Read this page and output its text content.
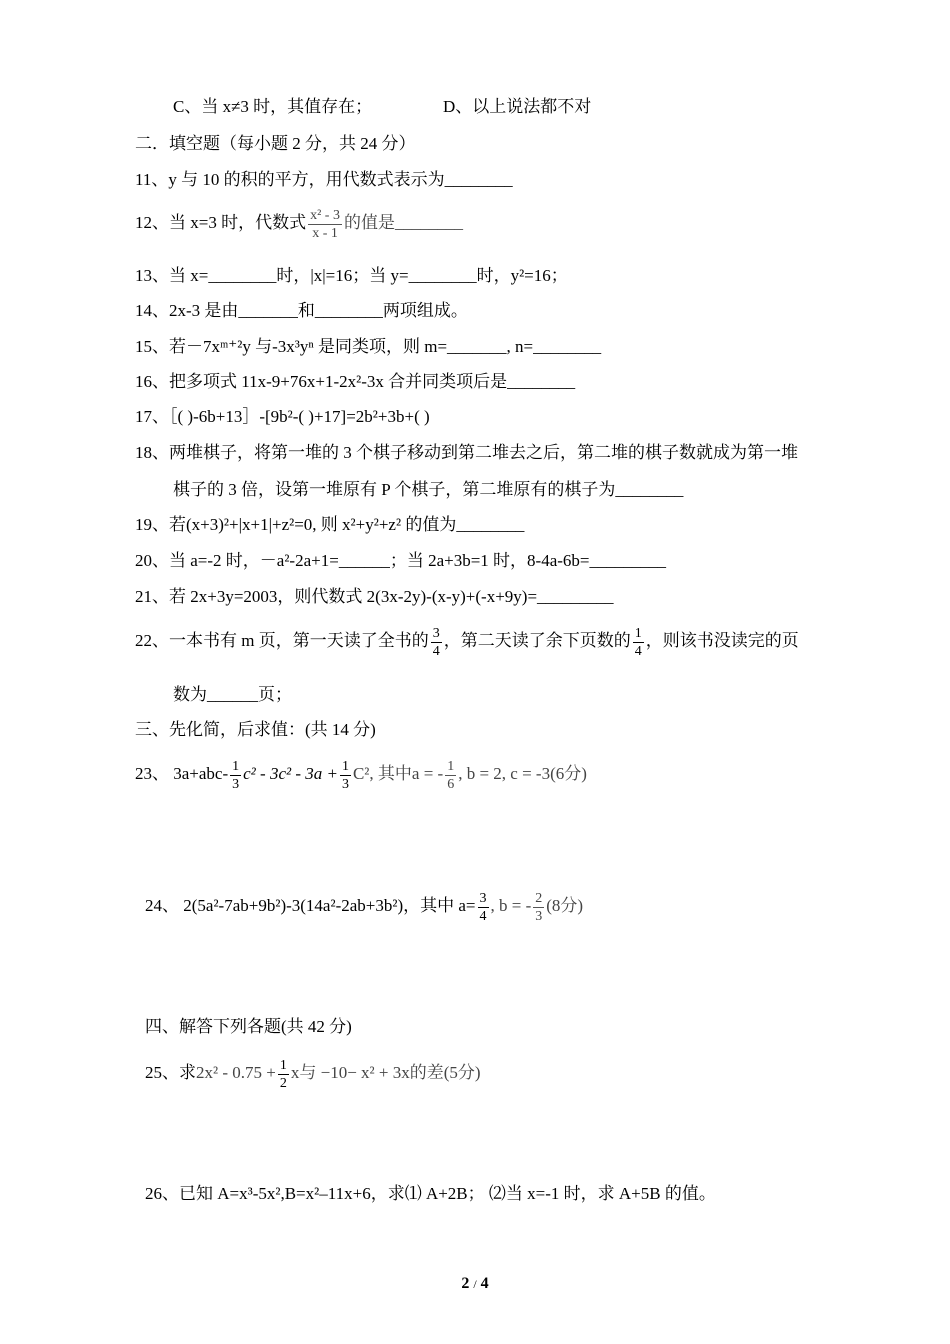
C、当 x≠3 时，其值存在；	D、以上说法都不对
二．填空题（每小题 2 分，共 24 分）
11、y 与 10 的积的平方，用代数式表示为________
12、当 x=3 时，代数式 $\frac{\text{x² - 3}}{x - 1}$ 的值是________
13、当 x=________时，|x|=16；当 y=________时，y²=16；
14、2x-3 是由_______和________两项组成。
15、若－7xᵐ⁺²y 与-3x³yⁿ 是同类项，则 m=_______, n=________
16、把多项式 11x-9+76x+1-2x²-3x 合并同类项后是________
17、［( )-6b+13］-[9b²-( )+17]=2b²+3b+( )
18、两堆棋子，将第一堆的 3 个棋子移动到第二堆去之后，第二堆的棋子数就成为第一堆
棋子的 3 倍，设第一堆原有 P 个棋子，第二堆原有的棋子为________
19、若(x+3)²+|x+1|+z²=0, 则 x²+y²+z² 的值为________
20、当 a=-2 时，－a²-2a+1=______；当 2a+3b=1 时，8-4a-6b=_________
21、若 2x+3y=2003，则代数式 2(3x-2y)-(x-y)+(-x+9y)=_________
22、一本书有 m 页，第一天读了全书的 $\frac{3}{4}$ ，第二天读了余下页数的 $\frac{1}{4}$ ，则该书没读完的页
数为______页；
三、先化简，后求值：(共 14 分)
23、 $3a+abc- \frac{1}{3} c^2 - 3c^2 - 3a + \frac{1}{3} C^2$, 其中a = - $\frac{1}{6}$ , b = 2, c = -3(6分)
24、 2(5a²-7ab+9b²)-3(14a²-2ab+3b²)，其中 $a= \frac{3}{4}$ , b = - $\frac{2}{3} (8$分)
四、解答下列各题(共 42 分)
25、求$2x^2 - 0.75 + \frac{1}{2}$ x与 −10− x² + 3x的差(5分)
26、已知 A=x³-5x²,B=x²–11x+6，求⑴ A+2B； ⑵当 x=-1 时，求 A+5B 的值。
2 / 4
